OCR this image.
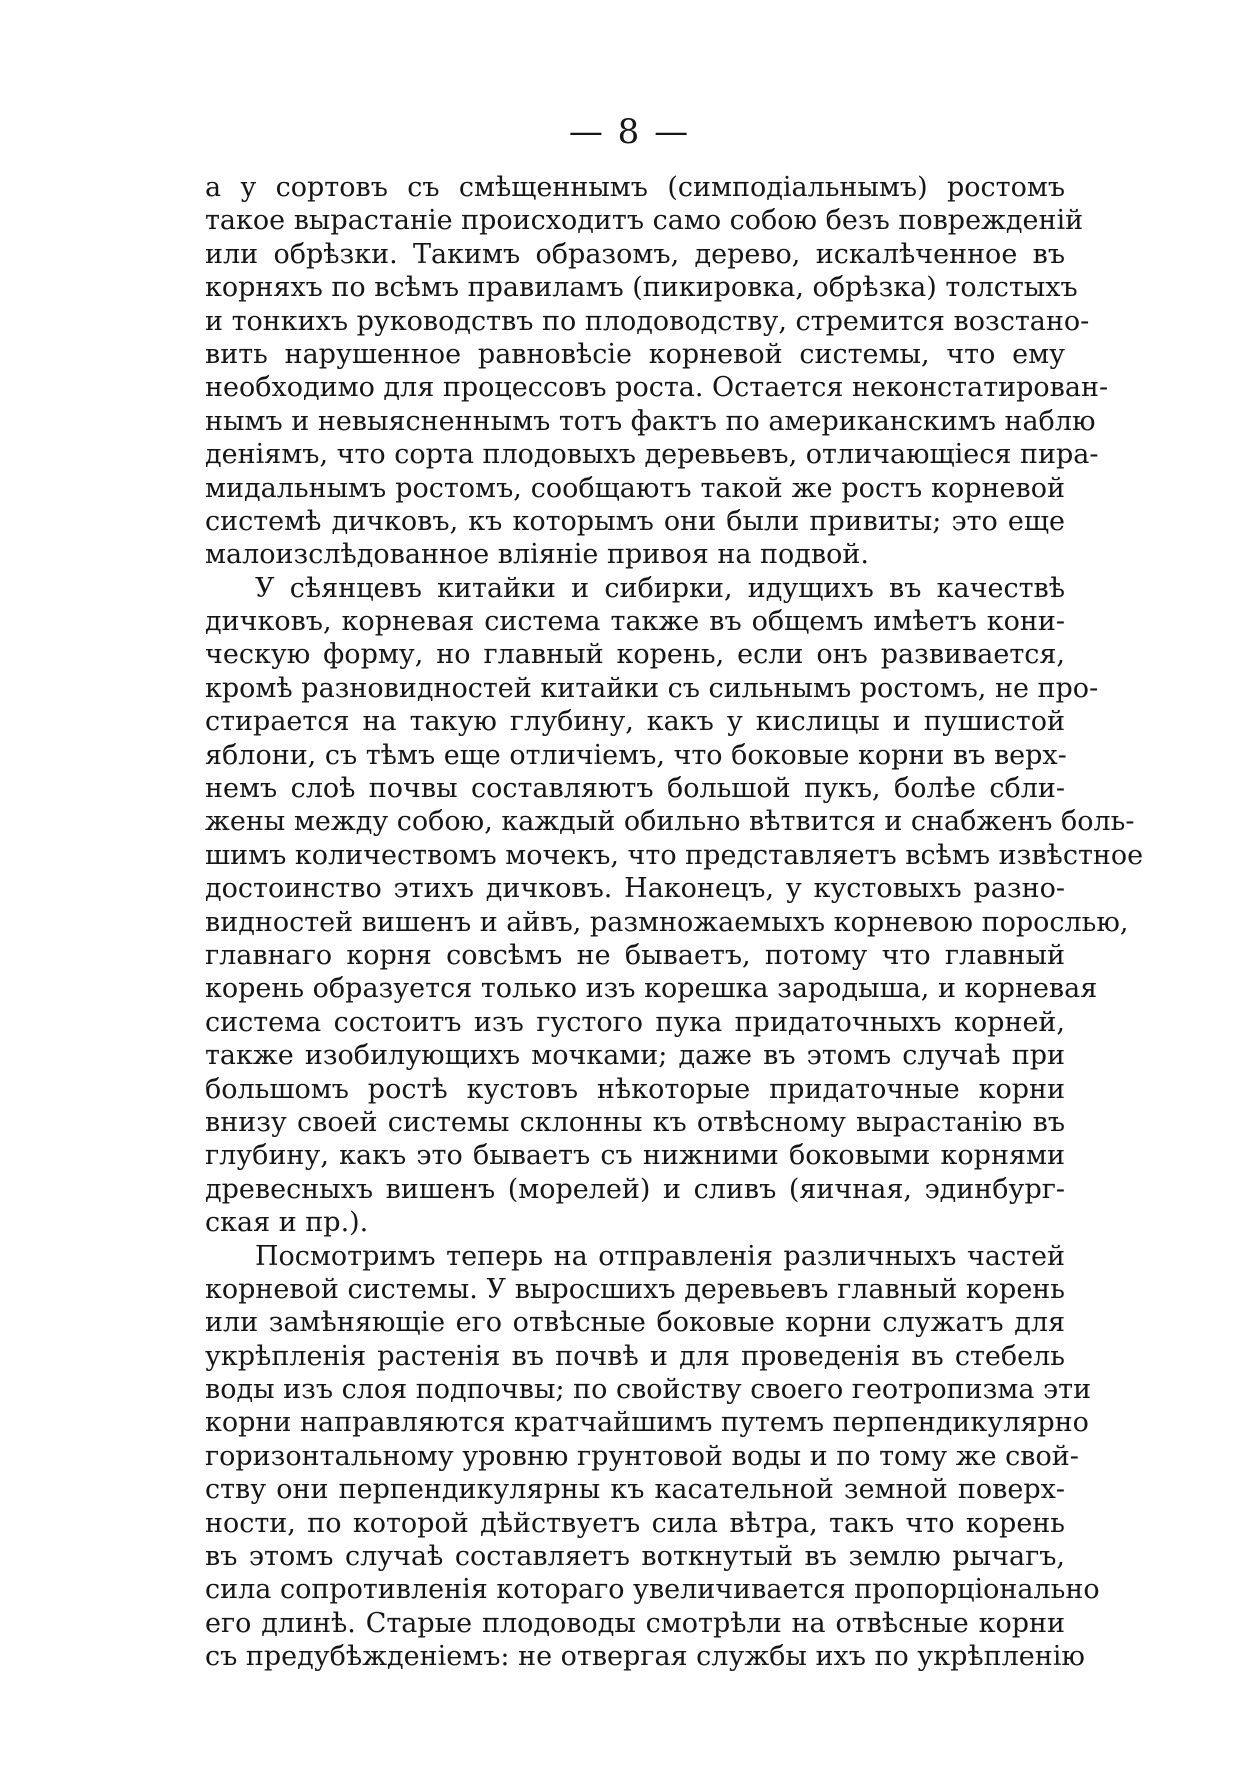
— 8 —
а у сортовъ съ смѣщеннымъ (симподiальнымъ) ростомъ
такое вырастанiе происходитъ само собою безъ поврежденiй
или обрѣзки. Такимъ образомъ, дерево, искалѣченное въ
корняхъ по всѣмъ правиламъ (пикировка, обрѣзка) толстыхъ
и тонкихъ руководствъ по плодоводству, стремится возстано-
вить нарушенное равновѣсiе корневой системы, что ему
необходимо для процессовъ роста. Остается неконстатирован-
нымъ и невыясненнымъ тотъ фактъ по американскимъ наблю
денiямъ, что сорта плодовыхъ деревьевъ, отличающiеся пира-
мидальнымъ ростомъ, сообщаютъ такой же ростъ корневой
системѣ дичковъ, къ которымъ они были привиты; это еще
малоизслѣдованное влiянiе привоя на подвой.
У сѣянцевъ китайки и сибирки, идущихъ въ качествѣ
дичковъ, корневая система также въ общемъ имѣетъ кони-
ческую форму, но главный корень, если онъ развивается,
кромѣ разновидностей китайки съ сильнымъ ростомъ, не про-
стирается на такую глубину, какъ у кислицы и пушистой
яблони, съ тѣмъ еще отличiемъ, что боковые корни въ верх-
немъ слоѣ почвы составляютъ большой пукъ, болѣе сбли-
жены между собою, каждый обильно вѣтвится и снабженъ боль-
шимъ количествомъ мочекъ, что представляетъ всѣмъ извѣстное
достоинство этихъ дичковъ. Наконецъ, у кустовыхъ разно-
видностей вишенъ и айвъ, размножаемыхъ корневою порослью,
главнаго корня совсѣмъ не бываетъ, потому что главный
корень образуется только изъ корешка зародыша, и корневая
система состоитъ изъ густого пука придаточныхъ корней,
также изобилующихъ мочками; даже въ этомъ случаѣ при
большомъ ростѣ кустовъ нѣкоторые придаточные корни
внизу своей системы склонны къ отвѣсному вырастанiю въ
глубину, какъ это бываетъ съ нижними боковыми корнями
древесныхъ вишенъ (морелей) и сливъ (яичная, эдинбург-
ская и пр.).
Посмотримъ теперь на отправленiя различныхъ частей
корневой системы. У выросшихъ деревьевъ главный корень
или замѣняющiе его отвѣсные боковые корни служатъ для
укрѣпленiя растенiя въ почвѣ и для проведенiя въ стебель
воды изъ слоя подпочвы; по свойству своего геотропизма эти
корни направляются кратчайшимъ путемъ перпендикулярно
горизонтальному уровню грунтовой воды и по тому же свой-
ству они перпендикулярны къ касательной земной поверх-
ности, по которой дѣйствуетъ сила вѣтра, такъ что корень
въ этомъ случаѣ составляетъ воткнутый въ землю рычагъ,
сила сопротивленiя котораго увеличивается пропорцiонально
его длинѣ. Старые плодоводы смотрѣли на отвѣсные корни
съ предубѣжденiемъ: не отвергая службы ихъ по укрѣпленiю
